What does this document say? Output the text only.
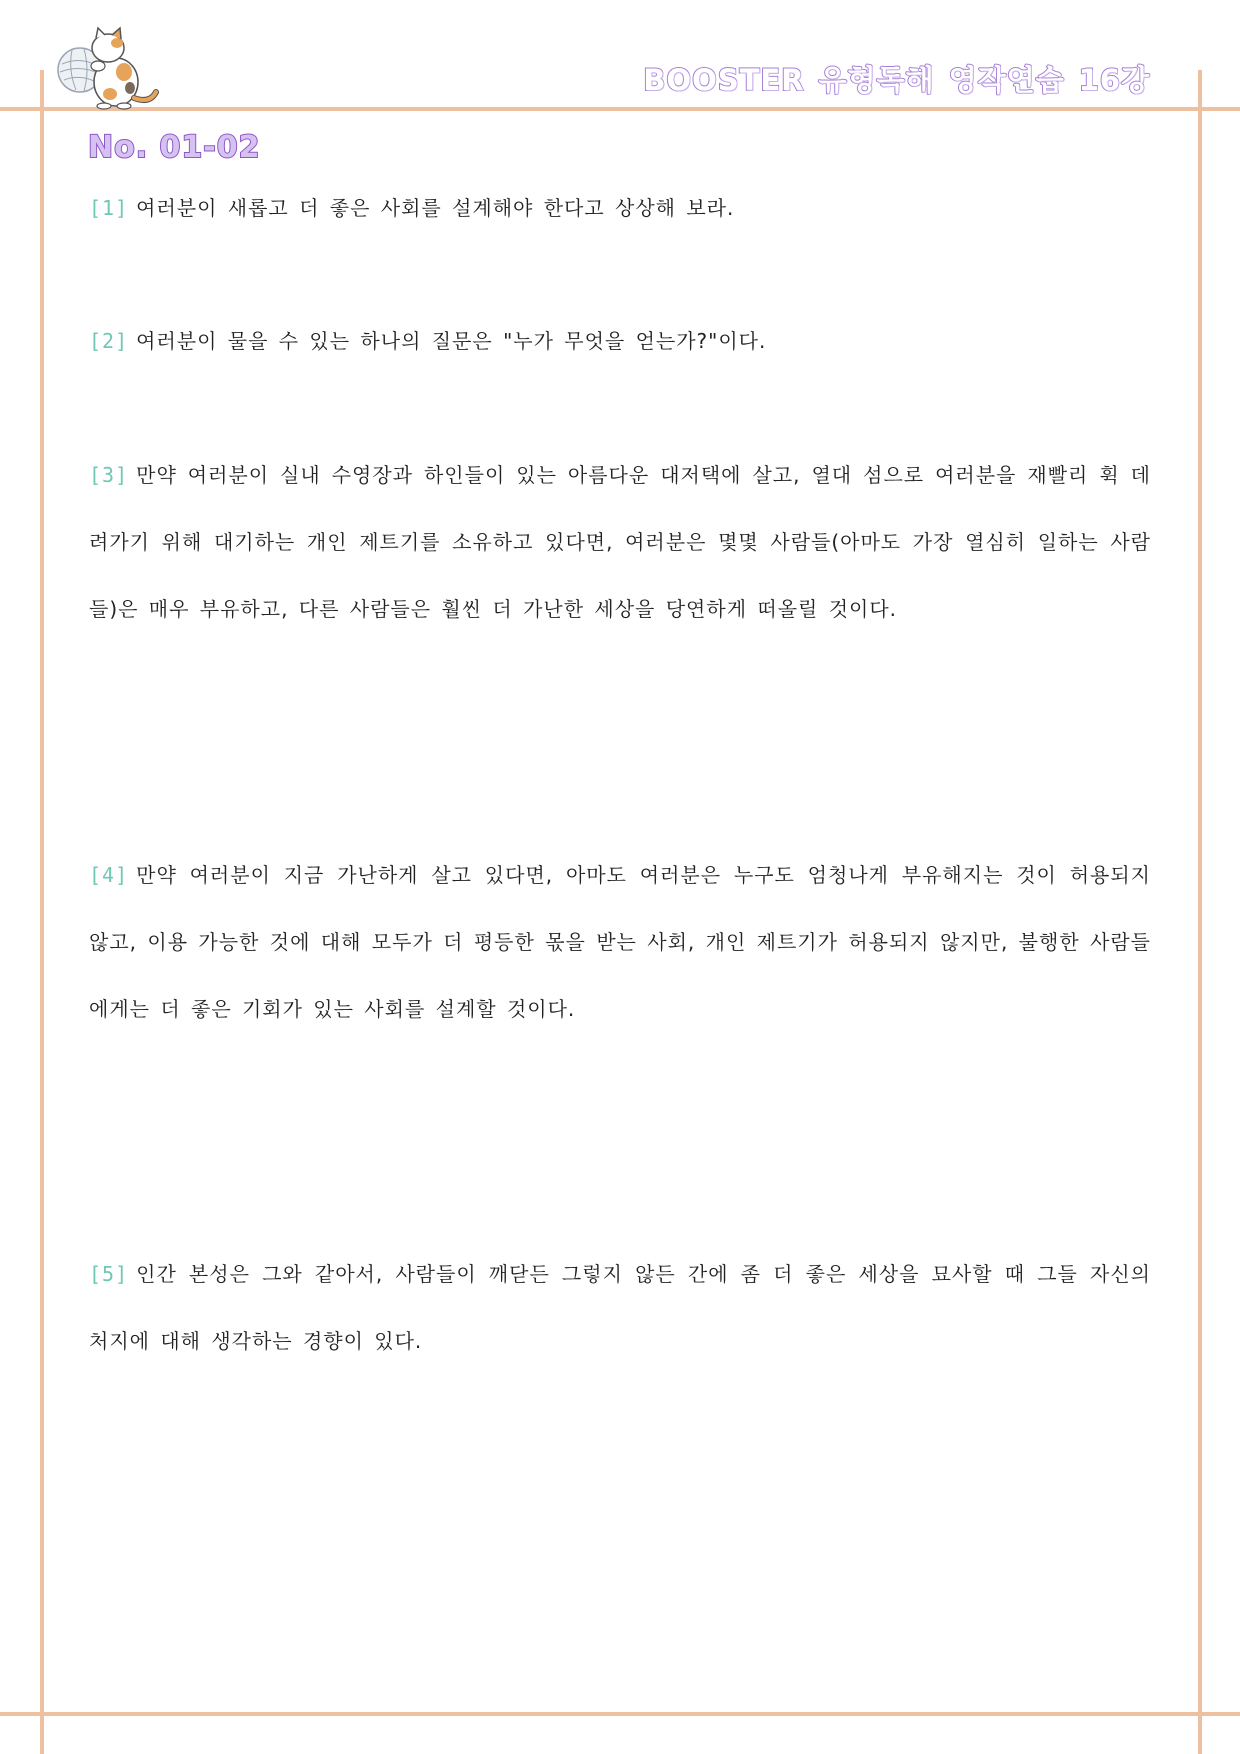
BOOSTER 유형독해 영작연습 16강
No. 01-02
[1] 여러분이 새롭고 더 좋은 사회를 설계해야 한다고 상상해 보라.
[2] 여러분이 물을 수 있는 하나의 질문은 "누가 무엇을 얻는가?"이다.
[3] 만약 여러분이 실내 수영장과 하인들이 있는 아름다운 대저택에 살고, 열대 섬으로 여러분을 재빨리 휙 데려가기 위해 대기하는 개인 제트기를 소유하고 있다면, 여러분은 몇몇 사람들(아마도 가장 열심히 일하는 사람들)은 매우 부유하고, 다른 사람들은 훨씬 더 가난한 세상을 당연하게 떠올릴 것이다.
[4] 만약 여러분이 지금 가난하게 살고 있다면, 아마도 여러분은 누구도 엄청나게 부유해지는 것이 허용되지 않고, 이용 가능한 것에 대해 모두가 더 평등한 몫을 받는 사회, 개인 제트기가 허용되지 않지만, 불행한 사람들에게는 더 좋은 기회가 있는 사회를 설계할 것이다.
[5] 인간 본성은 그와 같아서, 사람들이 깨닫든 그렇지 않든 간에 좀 더 좋은 세상을 묘사할 때 그들 자신의 처지에 대해 생각하는 경향이 있다.
